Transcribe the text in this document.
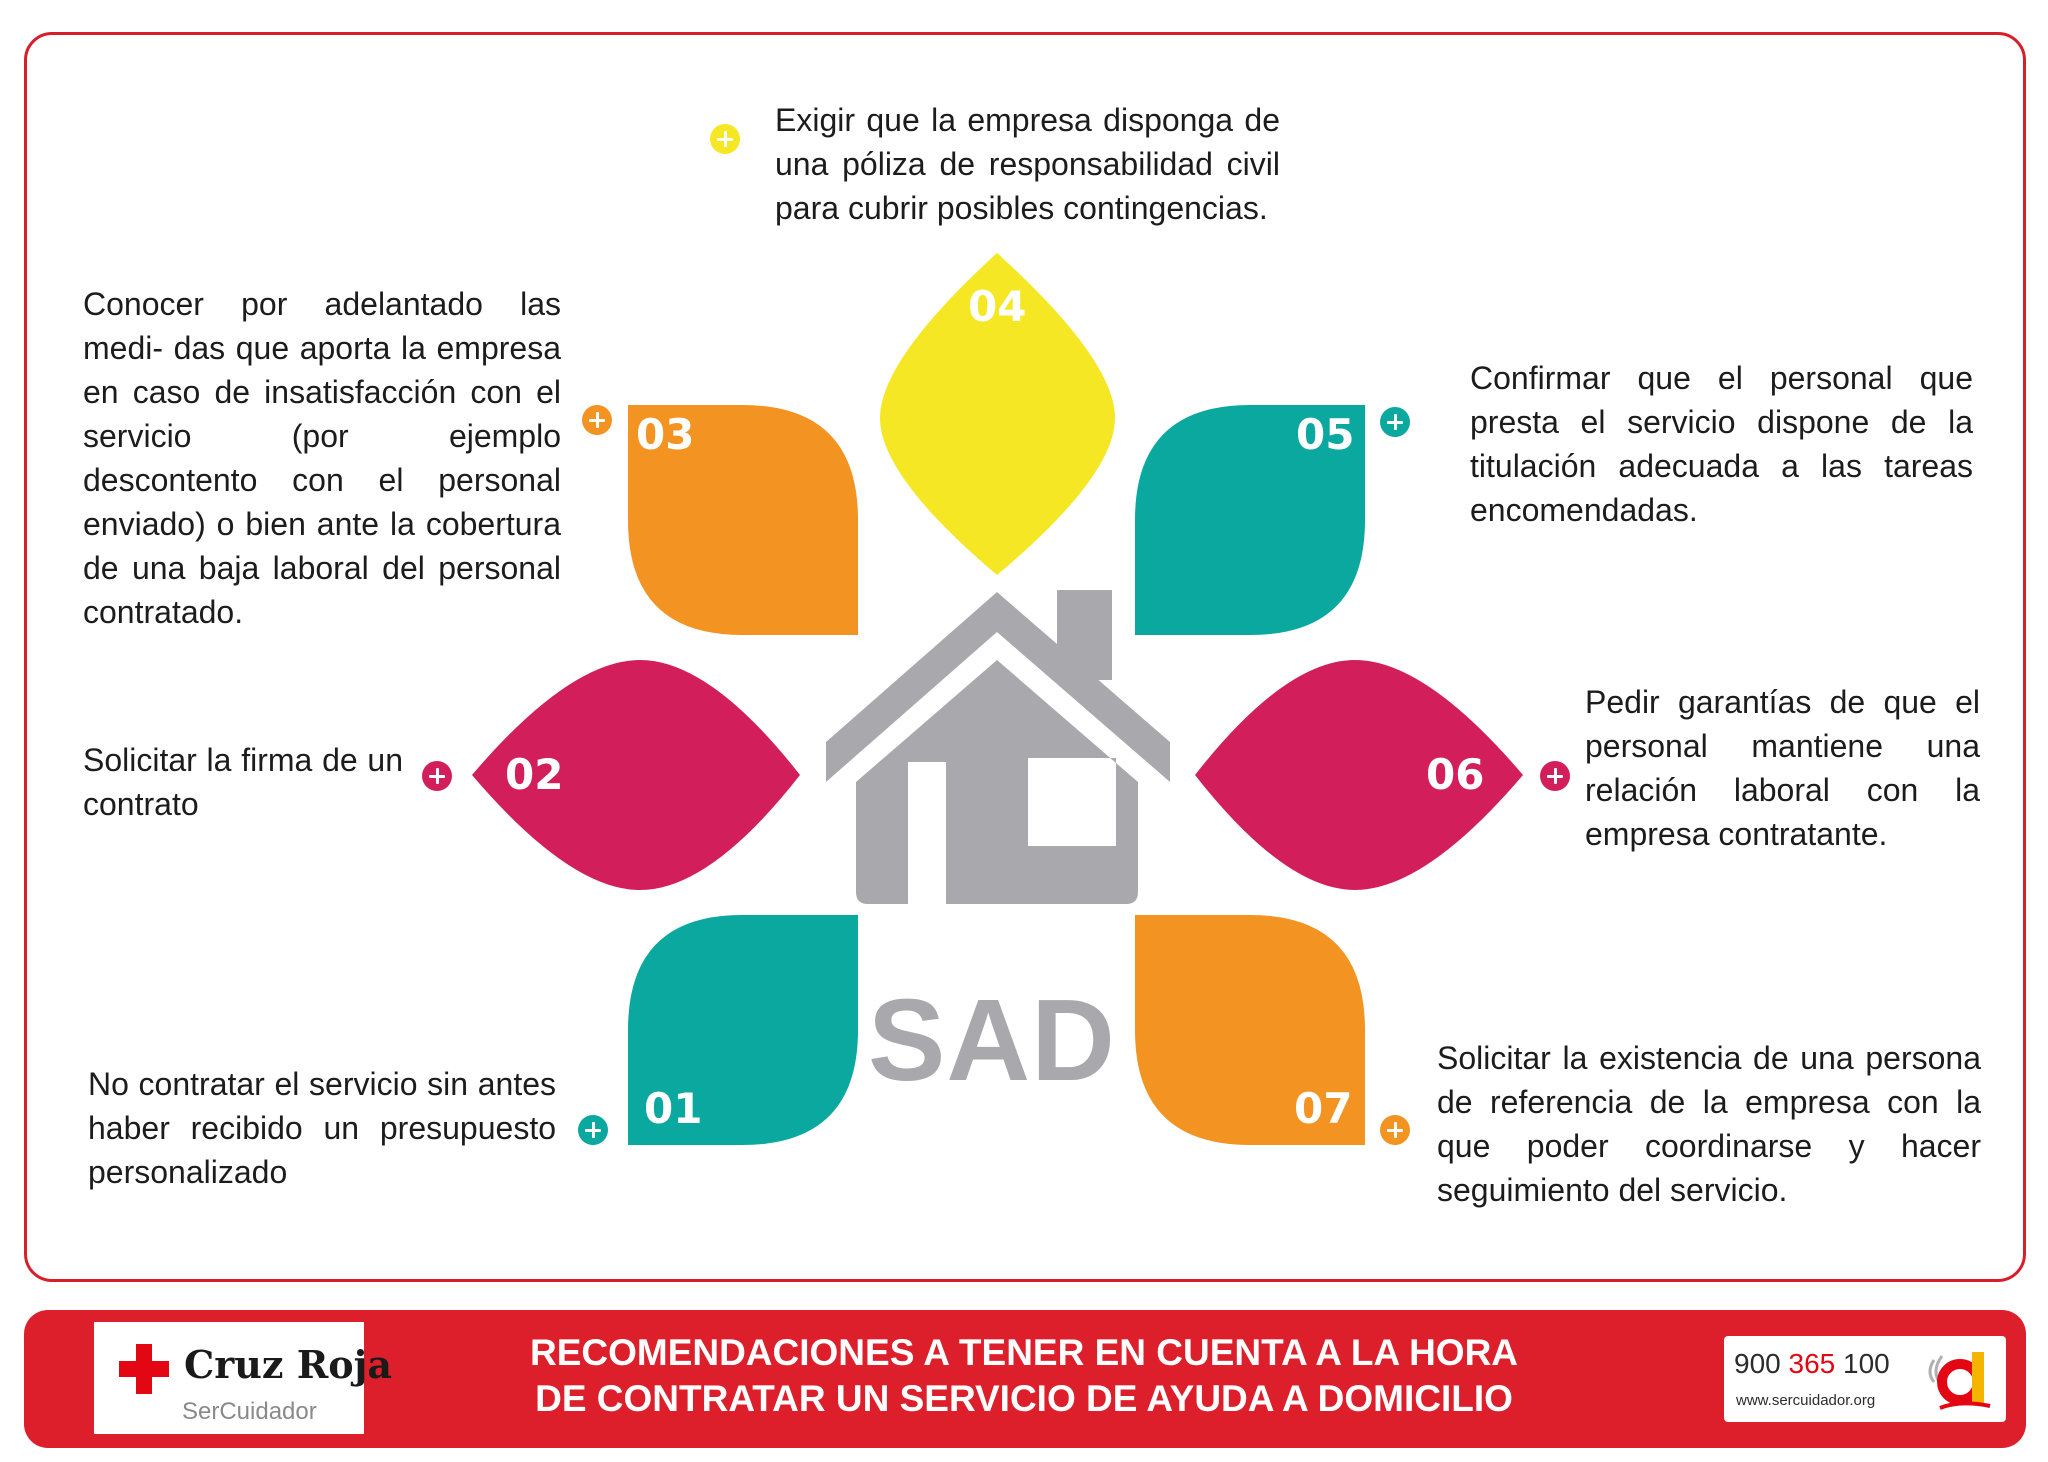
04
03	05
02	06
01	07
SAD
Exigir que la empresa disponga de una póliza de responsabilidad civil para cubrir posibles contingencias.
Conocer por adelantado las medi- das que aporta la empresa en caso de insatisfacción con el servicio (por ejemplo descontento con el personal enviado) o bien ante la cobertura de una baja laboral del personal contratado.
Confirmar que el personal que presta el servicio dispone de la titulación adecuada a las tareas encomendadas.
Solicitar la firma de un contrato
Pedir garantías de que el personal mantiene una relación laboral con la empresa contratante.
No contratar el servicio sin antes haber recibido un presupuesto personalizado
Solicitar la existencia de una persona de referencia de la empresa con la que poder coordinarse y hacer seguimiento del servicio.
Cruz Roja
SerCuidador
RECOMENDACIONES A TENER EN CUENTA A LA HORA
DE CONTRATAR UN SERVICIO DE AYUDA A DOMICILIO
900 365 100
www.sercuidador.org
